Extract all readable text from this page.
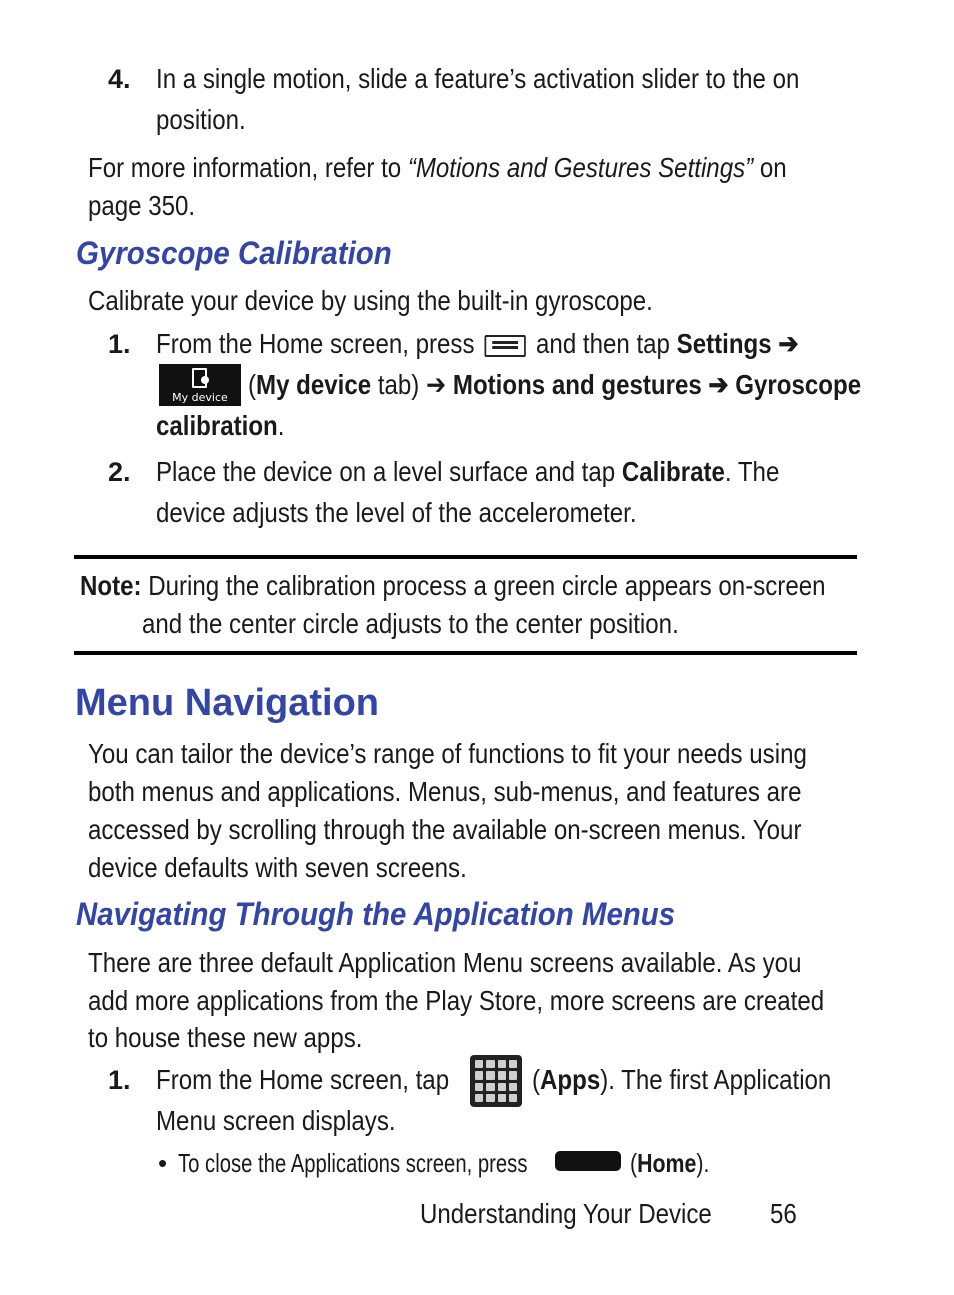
4. In a single motion, slide a feature’s activation slider to the on
position.
For more information, refer to “Motions and Gestures Settings” on
page 350.
Gyroscope Calibration
Calibrate your device by using the built-in gyroscope.
1. From the Home screen, press
and then tap Settings ➔
My device (My device tab) ➔ Motions and gestures ➔ Gyroscope
calibration.
2. Place the device on a level surface and tap Calibrate. The
device adjusts the level of the accelerometer.
Note: During the calibration process a green circle appears on-screen
and the center circle adjusts to the center position.
Menu Navigation
You can tailor the device’s range of functions to fit your needs using
both menus and applications. Menus, sub-menus, and features are
accessed by scrolling through the available on-screen menus. Your
device defaults with seven screens.
Navigating Through the Application Menus
There are three default Application Menu screens available. As you
add more applications from the Play Store, more screens are created
to house these new apps.
1. From the Home screen, tap	(Apps). The first Application
Menu screen displays.
• To close the Applications screen, press	(Home).
Understanding Your Device 56
